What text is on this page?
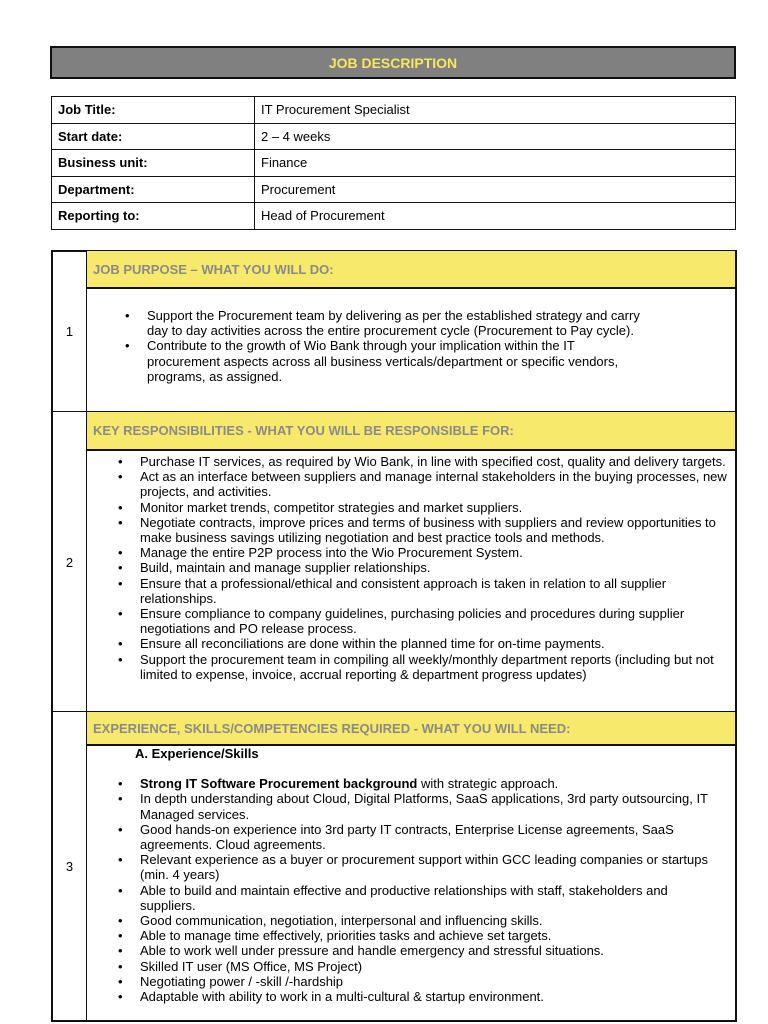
JOB DESCRIPTION
Job Title:	IT Procurement Specialist
Start date:	2 – 4 weeks
Business unit:	Finance
Department:	Procurement
Reporting to:	Head of Procurement
1
JOB PURPOSE – WHAT YOU WILL DO:
• Support the Procurement team by delivering as per the established strategy and carry day to day activities across the entire procurement cycle (Procurement to Pay cycle).
• Contribute to the growth of Wio Bank through your implication within the IT procurement aspects across all business verticals/department or specific vendors, programs, as assigned.
2
KEY RESPONSIBILITIES - WHAT YOU WILL BE RESPONSIBLE FOR:
• Purchase IT services, as required by Wio Bank, in line with specified cost, quality and delivery targets.
• Act as an interface between suppliers and manage internal stakeholders in the buying processes, new projects, and activities.
• Monitor market trends, competitor strategies and market suppliers.
• Negotiate contracts, improve prices and terms of business with suppliers and review opportunities to make business savings utilizing negotiation and best practice tools and methods.
• Manage the entire P2P process into the Wio Procurement System.
• Build, maintain and manage supplier relationships.
• Ensure that a professional/ethical and consistent approach is taken in relation to all supplier relationships.
• Ensure compliance to company guidelines, purchasing policies and procedures during supplier negotiations and PO release process.
• Ensure all reconciliations are done within the planned time for on-time payments.
• Support the procurement team in compiling all weekly/monthly department reports (including but not limited to expense, invoice, accrual reporting & department progress updates)
3
EXPERIENCE, SKILLS/COMPETENCIES REQUIRED - WHAT YOU WILL NEED:
A. Experience/Skills
• Strong IT Software Procurement background with strategic approach.
• In depth understanding about Cloud, Digital Platforms, SaaS applications, 3rd party outsourcing, IT Managed services.
• Good hands-on experience into 3rd party IT contracts, Enterprise License agreements, SaaS agreements. Cloud agreements.
• Relevant experience as a buyer or procurement support within GCC leading companies or startups (min. 4 years)
• Able to build and maintain effective and productive relationships with staff, stakeholders and suppliers.
• Good communication, negotiation, interpersonal and influencing skills.
• Able to manage time effectively, priorities tasks and achieve set targets.
• Able to work well under pressure and handle emergency and stressful situations.
• Skilled IT user (MS Office, MS Project)
• Negotiating power / -skill /-hardship
• Adaptable with ability to work in a multi-cultural & startup environment.
